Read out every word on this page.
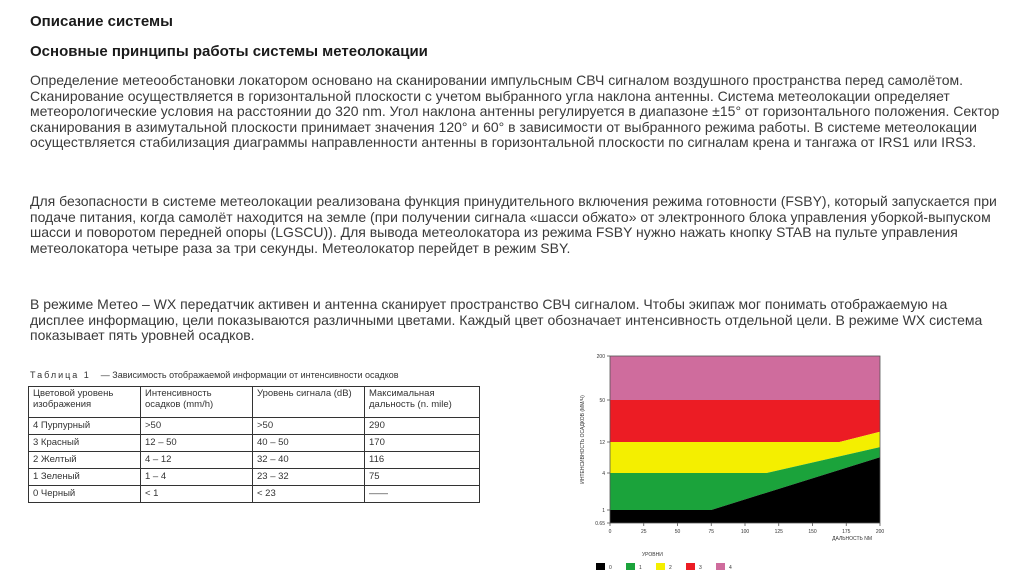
Описание системы
Основные принципы работы системы метеолокации
Определение метеообстановки локатором основано на сканировании импульсным СВЧ сигналом воздушного пространства перед самолётом. Сканирование осуществляется в горизонтальной плоскости с учетом выбранного угла наклона антенны. Система метеолокации определяет метеорологические условия на расстоянии до 320 nm. Угол наклона антенны регулируется в диапазоне ±15° от горизонтального положения. Сектор сканирования в азимутальной плоскости принимает значения 120° и 60° в зависимости от выбранного режима работы. В системе метеолокации осуществляется стабилизация диаграммы направленности антенны в горизонтальной плоскости по сигналам крена и тангажа от IRS1 или IRS3.
Для безопасности в системе метеолокации реализована функция принудительного включения режима готовности (FSBY), который запускается при подаче питания, когда самолёт находится на земле (при получении сигнала «шасси обжато» от электронного блока управления уборкой-выпуском шасси и поворотом передней опоры (LGSCU)). Для вывода метеолокатора из режима FSBY нужно нажать кнопку STAB на пульте управления метеолокатора четыре раза за три секунды. Метеолокатор перейдет в режим SBY.
В режиме Метео – WX передатчик активен и антенна сканирует пространство СВЧ сигналом. Чтобы экипаж мог понимать отображаемую на дисплее информацию, цели показываются различными цветами. Каждый цвет обозначает интенсивность отдельной цели. В режиме WX система показывает пять уровней осадков.
Таблица 1 — Зависимость отображаемой информации от интенсивности осадков
Цветовой уровень изображения	Интенсивность осадков (mm/h)	Уровень сигнала (dB)	Максимальная дальность (n. mile)
4 Пурпурный	>50	>50	290
3 Красный	12 – 50	40 – 50	170
2 Желтый	4 – 12	32 – 40	116
1 Зеленый	1 – 4	23 – 32	75
0 Черный	< 1	< 23	——
200
50
12
4
1
0.65
0	25	50	75	100	125	150	175	200
ИНТЕНСИВНОСТЬ ОСАДКОВ (ММ/Ч)
ДАЛЬНОСТЬ NM
УРОВНИ
0	1	2	3	4
